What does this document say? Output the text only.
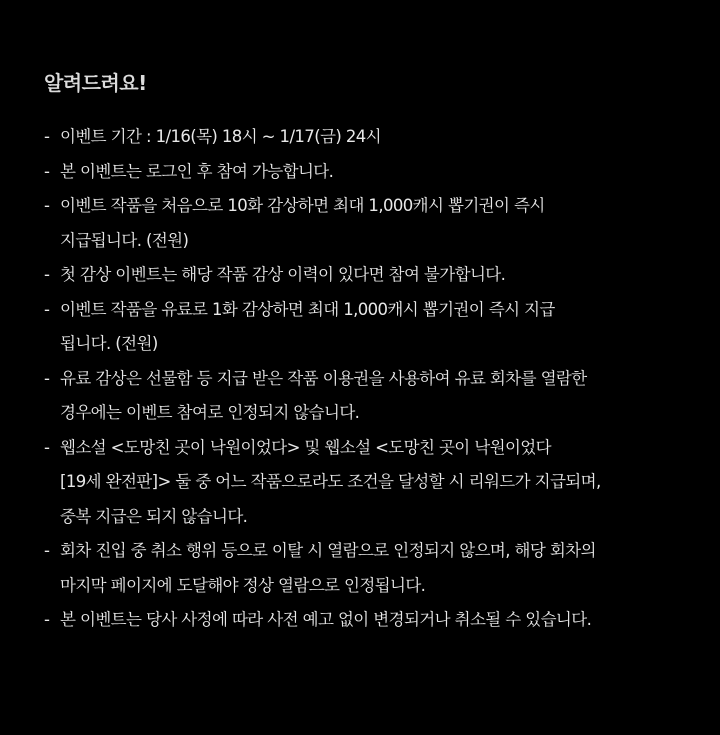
알려드려요!
- 이벤트 기간 : 1/16(목) 18시 ~ 1/17(금) 24시
- 본 이벤트는 로그인 후 참여 가능합니다.
- 이벤트 작품을 처음으로 10화 감상하면 최대 1,000캐시 뽑기권이 즉시
지급됩니다. (전원)
- 첫 감상 이벤트는 해당 작품 감상 이력이 있다면 참여 불가합니다.
- 이벤트 작품을 유료로 1화 감상하면 최대 1,000캐시 뽑기권이 즉시 지급
됩니다. (전원)
- 유료 감상은 선물함 등 지급 받은 작품 이용권을 사용하여 유료 회차를 열람한
경우에는 이벤트 참여로 인정되지 않습니다.
- 웹소설 <도망친 곳이 낙원이었다> 및 웹소설 <도망친 곳이 낙원이었다
[19세 완전판]> 둘 중 어느 작품으로라도 조건을 달성할 시 리워드가 지급되며,
중복 지급은 되지 않습니다.
- 회차 진입 중 취소 행위 등으로 이탈 시 열람으로 인정되지 않으며, 해당 회차의
마지막 페이지에 도달해야 정상 열람으로 인정됩니다.
- 본 이벤트는 당사 사정에 따라 사전 예고 없이 변경되거나 취소될 수 있습니다.
